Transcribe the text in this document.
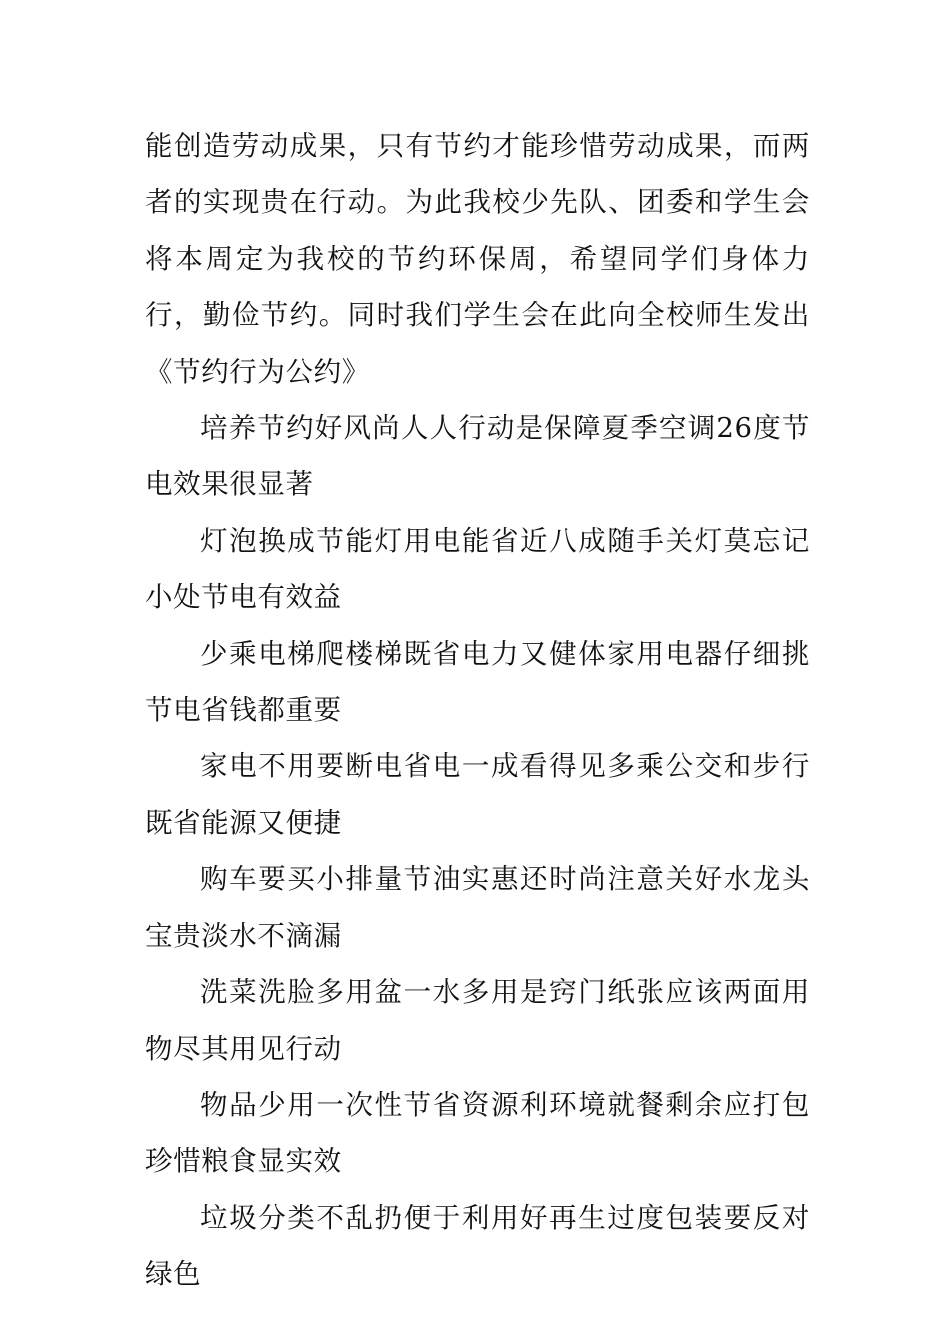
能创造劳动成果，只有节约才能珍惜劳动成果，而两者的实现贵在行动。为此我校少先队、团委和学生会将本周定为我校的节约环保周，希望同学们身体力行，勤俭节约。同时我们学生会在此向全校师生发出《节约行为公约》

培养节约好风尚人人行动是保障夏季空调26度节电效果很显著

灯泡换成节能灯用电能省近八成随手关灯莫忘记小处节电有效益

少乘电梯爬楼梯既省电力又健体家用电器仔细挑节电省钱都重要

家电不用要断电省电一成看得见多乘公交和步行既省能源又便捷

购车要买小排量节油实惠还时尚注意关好水龙头宝贵淡水不滴漏

洗菜洗脸多用盆一水多用是窍门纸张应该两面用物尽其用见行动

物品少用一次性节省资源利环境就餐剩余应打包珍惜粮食显实效

垃圾分类不乱扔便于利用好再生过度包装要反对绿色
